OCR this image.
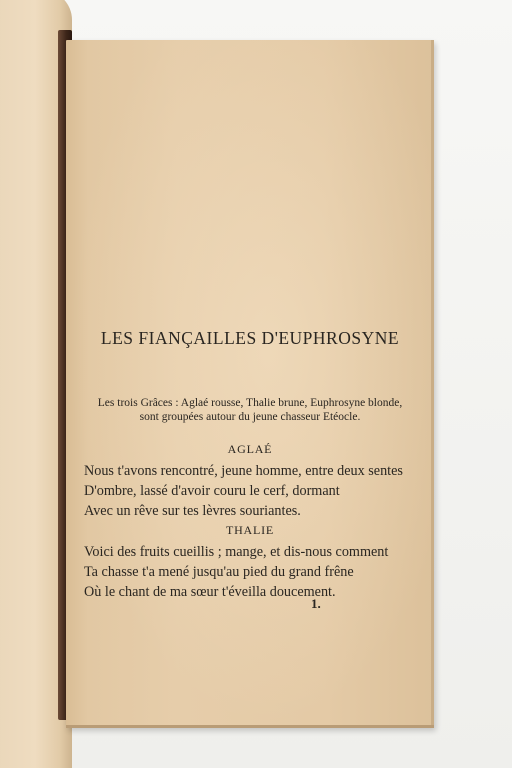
LES FIANÇAILLES D'EUPHROSYNE
Les trois Grâces : Aglaé rousse, Thalie brune, Euphrosyne blonde,
sont groupées autour du jeune chasseur Etéocle.
AGLAÉ
Nous t'avons rencontré, jeune homme, entre deux sentes
D'ombre, lassé d'avoir couru le cerf, dormant
Avec un rêve sur tes lèvres souriantes.
THALIE
Voici des fruits cueillis ; mange, et dis-nous comment
Ta chasse t'a mené jusqu'au pied du grand frêne
Où le chant de ma sœur t'éveilla doucement.
1.
